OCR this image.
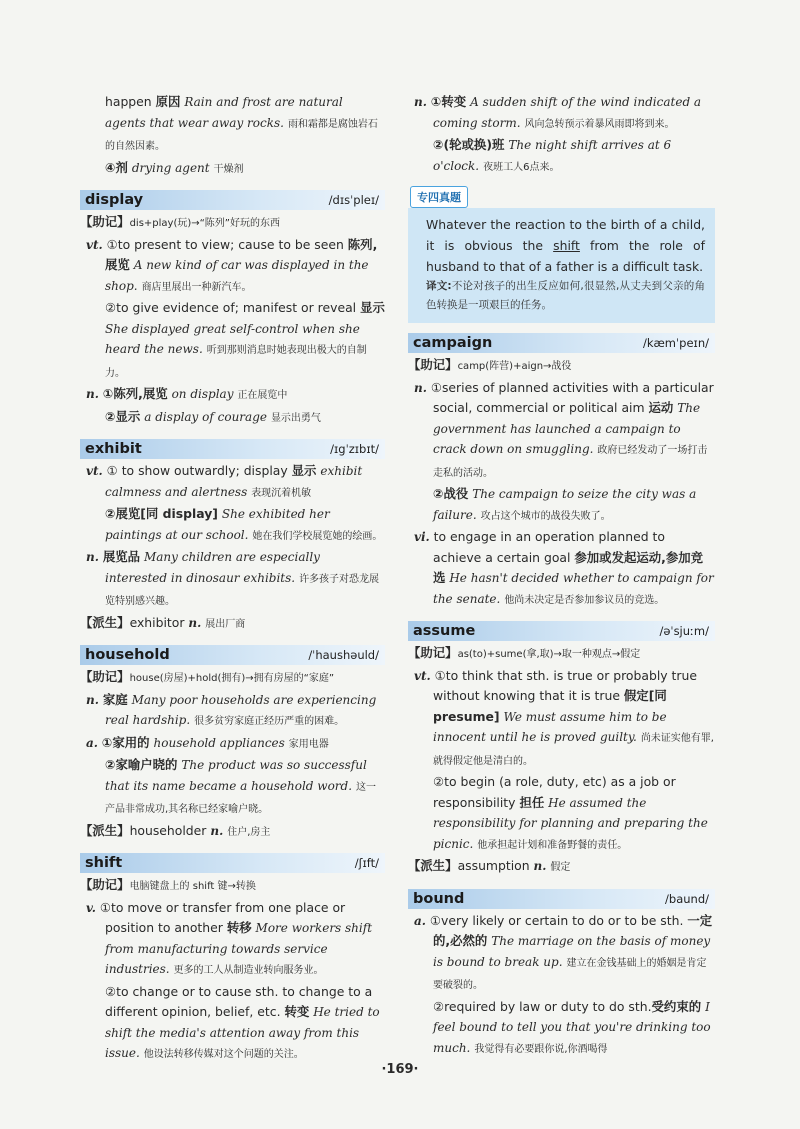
happen 原因 Rain and frost are natural agents that wear away rocks. 雨和霜都是腐蚀岩石的自然因素。

④剂 drying agent 干燥剂

display	/dɪsˈpleɪ/

【助记】dis+play(玩)→“陈列”好玩的东西

vt. ①to present to view; cause to be seen 陈列,展览 A new kind of car was displayed in the shop. 商店里展出一种新汽车。

②to give evidence of; manifest or reveal 显示 She displayed great self-control when she heard the news. 听到那则消息时她表现出极大的自制力。

n. ①陈列,展览 on display 正在展览中

②显示 a display of courage 显示出勇气

exhibit	/ɪgˈzɪbɪt/

vt. ① to show outwardly; display 显示 exhibit calmness and alertness 表现沉着机敏

②展览[同 display] She exhibited her paintings at our school. 她在我们学校展览她的绘画。

n. 展览品 Many children are especially interested in dinosaur exhibits. 许多孩子对恐龙展览特别感兴趣。

【派生】exhibitor n. 展出厂商

household	/ˈhaushəuld/

【助记】house(房屋)+hold(拥有)→拥有房屋的“家庭”

n. 家庭 Many poor households are experiencing real hardship. 很多贫穷家庭正经历严重的困难。

a. ①家用的 household appliances 家用电器

②家喻户晓的 The product was so successful that its name became a household word. 这一产品非常成功,其名称已经家喻户晓。

【派生】householder n. 住户,房主

shift	/ʃɪft/

【助记】电脑键盘上的 shift 键→转换

v. ①to move or transfer from one place or position to another 转移 More workers shift from manufacturing towards service industries. 更多的工人从制造业转向服务业。

②to change or to cause sth. to change to a different opinion, belief, etc. 转变 He tried to shift the media's attention away from this issue. 他设法转移传媒对这个问题的关注。

n. ①转变 A sudden shift of the wind indicated a coming storm. 风向急转预示着暴风雨即将到来。

②(轮或换)班 The night shift arrives at 6 o'clock. 夜班工人6点来。

专四真题

Whatever the reaction to the birth of a child, it is obvious the shift from the role of husband to that of a father is a difficult task.

译文:不论对孩子的出生反应如何,很显然,从丈夫到父亲的角色转换是一项艰巨的任务。

campaign	/kæmˈpeɪn/

【助记】camp(阵营)+aign→战役

n. ①series of planned activities with a particular social, commercial or political aim 运动 The government has launched a campaign to crack down on smuggling. 政府已经发动了一场打击走私的活动。

②战役 The campaign to seize the city was a failure. 攻占这个城市的战役失败了。

vi. to engage in an operation planned to achieve a certain goal 参加或发起运动,参加竞选 He hasn't decided whether to campaign for the senate. 他尚未决定是否参加参议员的竞选。

assume	/əˈsjuːm/

【助记】as(to)+sume(拿,取)→取一种观点→假定

vt. ①to think that sth. is true or probably true without knowing that it is true 假定[同 presume] We must assume him to be innocent until he is proved guilty. 尚未证实他有罪,就得假定他是清白的。

②to begin (a role, duty, etc) as a job or responsibility 担任 He assumed the responsibility for planning and preparing the picnic. 他承担起计划和准备野餐的责任。

【派生】assumption n. 假定

bound	/baund/

a. ①very likely or certain to do or to be sth. 一定的,必然的 The marriage on the basis of money is bound to break up. 建立在金钱基础上的婚姻是肯定要破裂的。

②required by law or duty to do sth.受约束的 I feel bound to tell you that you're drinking too much. 我觉得有必要跟你说,你酒喝得

·169·
